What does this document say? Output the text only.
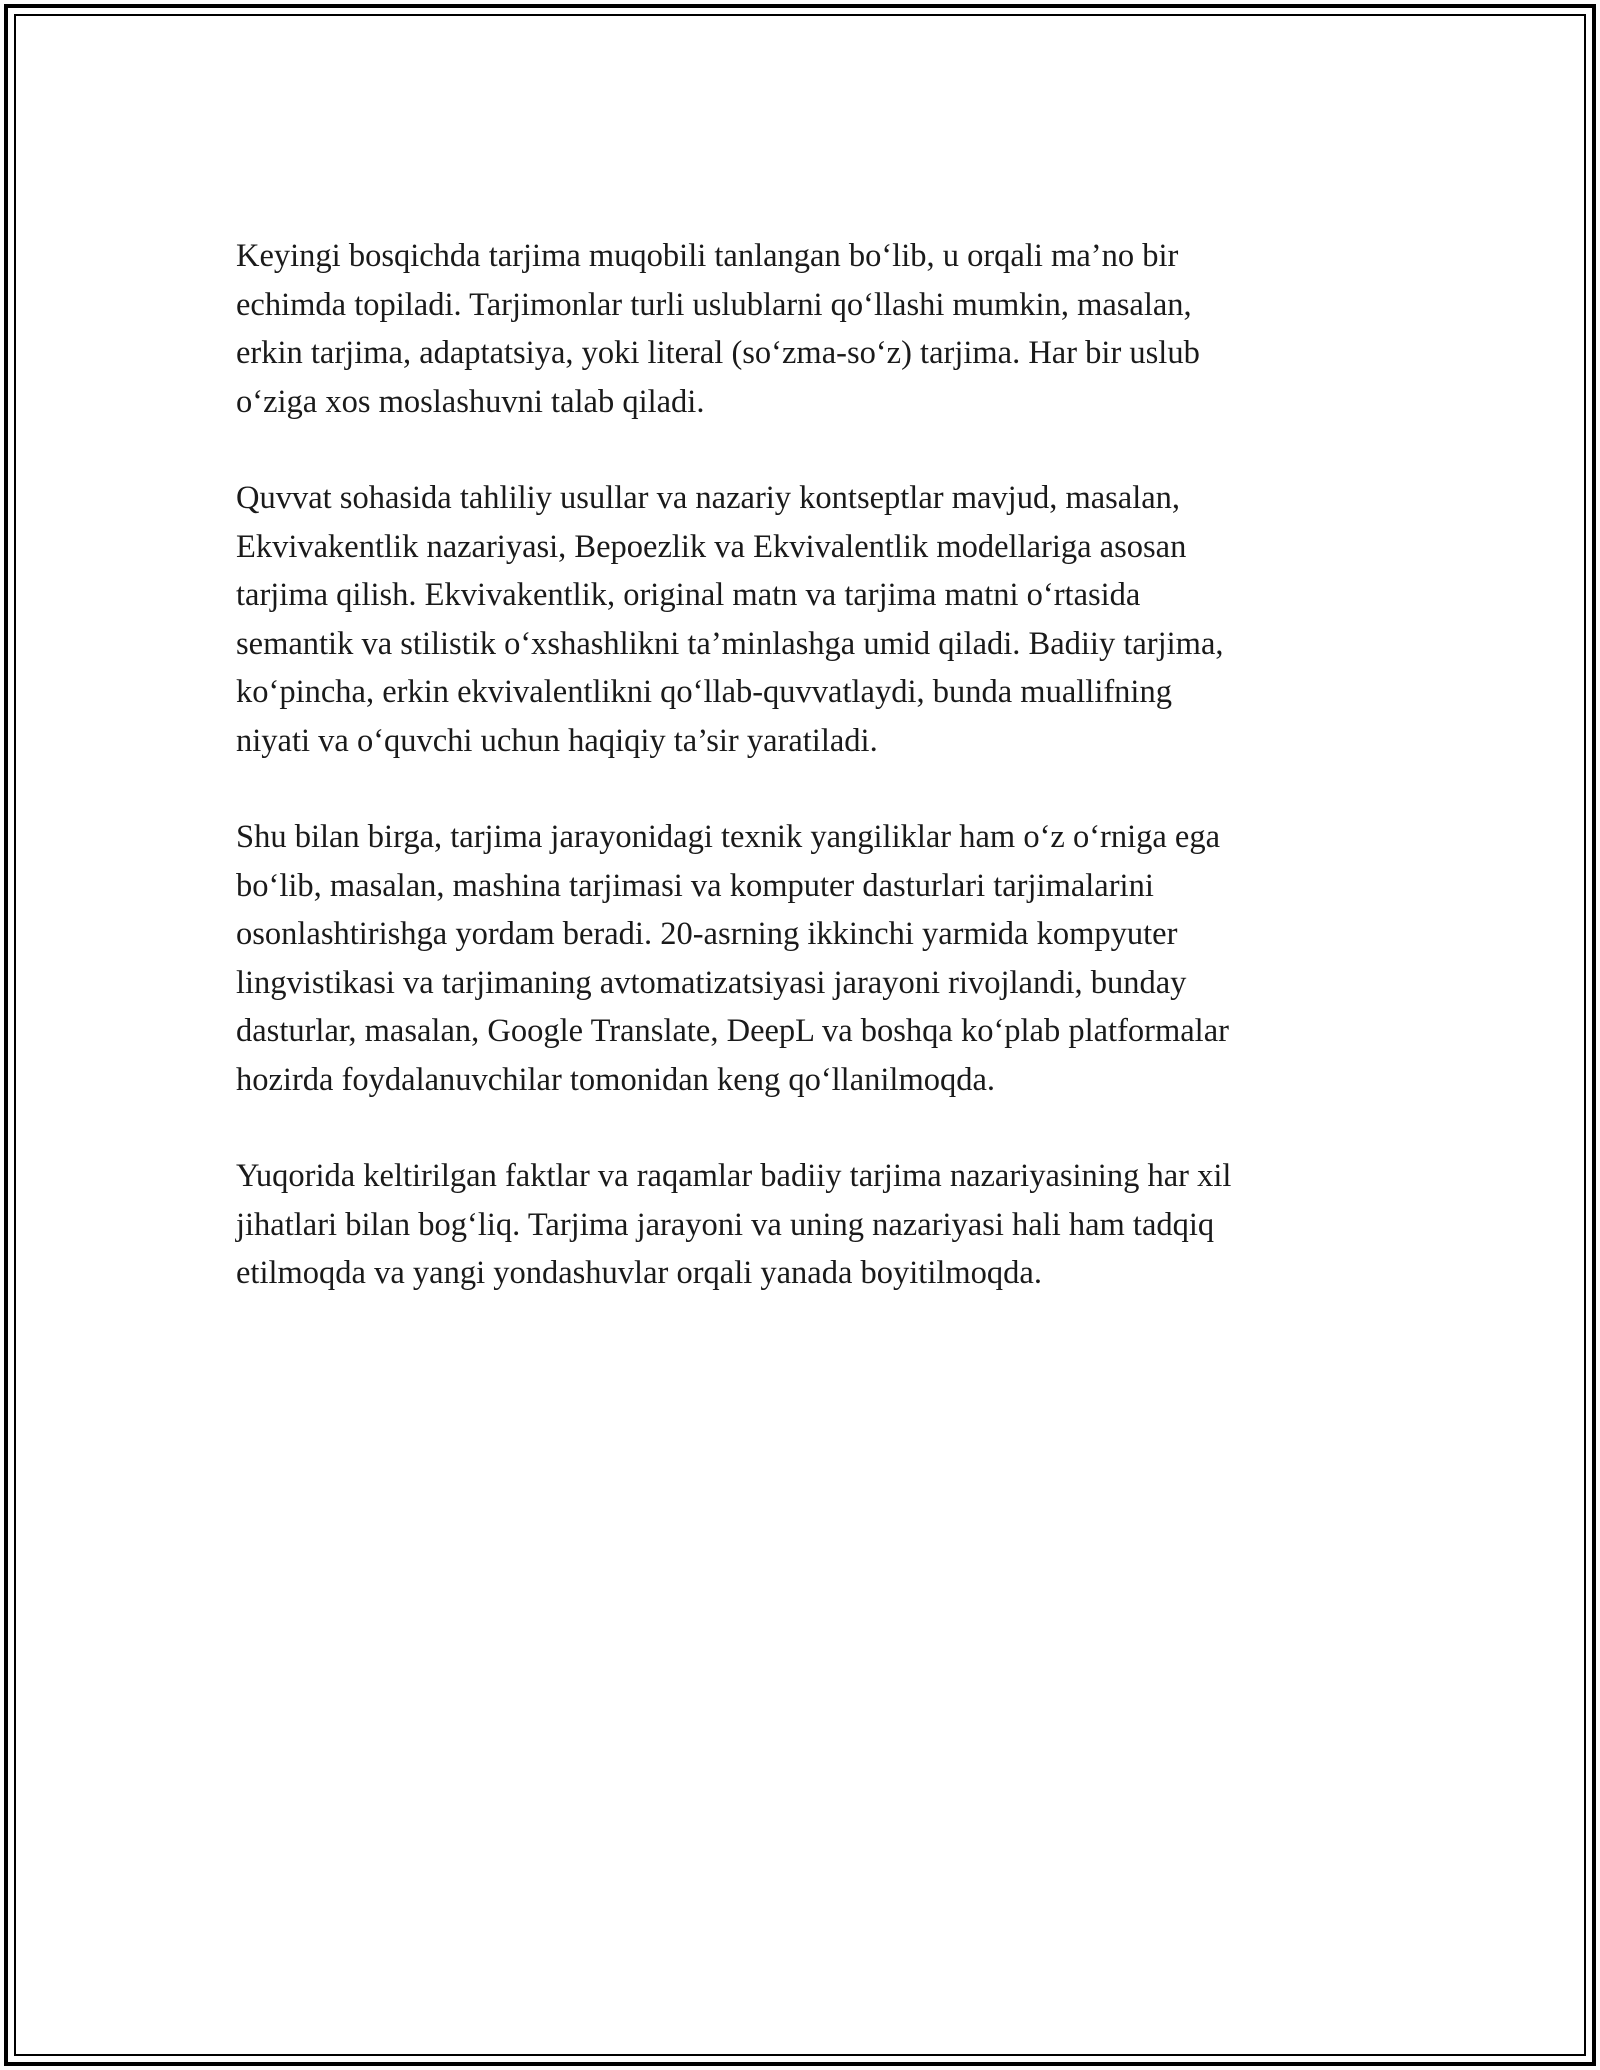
Keyingi bosqichda tarjima muqobili tanlangan bo‘lib, u orqali ma’no bir
echimda topiladi. Tarjimonlar turli uslublarni qo‘llashi mumkin, masalan,
erkin tarjima, adaptatsiya, yoki literal (so‘zma-so‘z) tarjima. Har bir uslub
o‘ziga xos moslashuvni talab qiladi.

Quvvat sohasida tahliliy usullar va nazariy kontseptlar mavjud, masalan,
Ekvivakentlik nazariyasi, Bepoezlik va Ekvivalentlik modellariga asosan
tarjima qilish. Ekvivakentlik, original matn va tarjima matni o‘rtasida
semantik va stilistik o‘xshashlikni ta’minlashga umid qiladi. Badiiy tarjima,
ko‘pincha, erkin ekvivalentlikni qo‘llab-quvvatlaydi, bunda muallifning
niyati va o‘quvchi uchun haqiqiy ta’sir yaratiladi.

Shu bilan birga, tarjima jarayonidagi texnik yangiliklar ham o‘z o‘rniga ega
bo‘lib, masalan, mashina tarjimasi va komputer dasturlari tarjimalarini
osonlashtirishga yordam beradi. 20-asrning ikkinchi yarmida kompyuter
lingvistikasi va tarjimaning avtomatizatsiyasi jarayoni rivojlandi, bunday
dasturlar, masalan, Google Translate, DeepL va boshqa ko‘plab platformalar
hozirda foydalanuvchilar tomonidan keng qo‘llanilmoqda.

Yuqorida keltirilgan faktlar va raqamlar badiiy tarjima nazariyasining har xil
jihatlari bilan bog‘liq. Tarjima jarayoni va uning nazariyasi hali ham tadqiq
etilmoqda va yangi yondashuvlar orqali yanada boyitilmoqda.
